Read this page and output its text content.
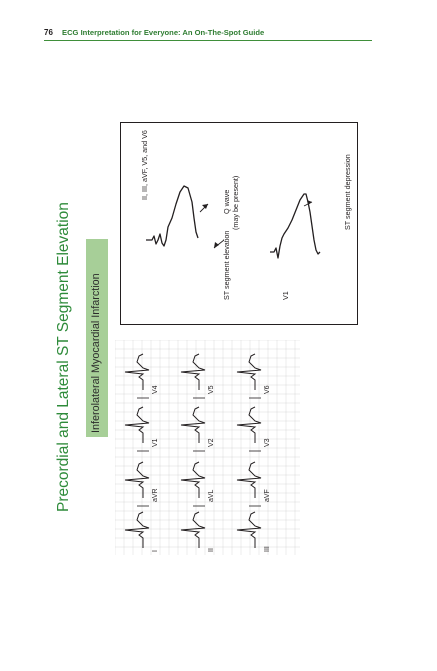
76 ECG Interpretation for Everyone: An On-The-Spot Guide
Precordial and Lateral ST Segment Elevation Inferolateral Myocardial Infarction
II, III, aVF, V5, and V6
Q wave (may be present)
ST segment elevation	V1
ST segment depression
I	II	III
aVR	aVL	aVF
V1	V2	V3
V4	V5	V6
